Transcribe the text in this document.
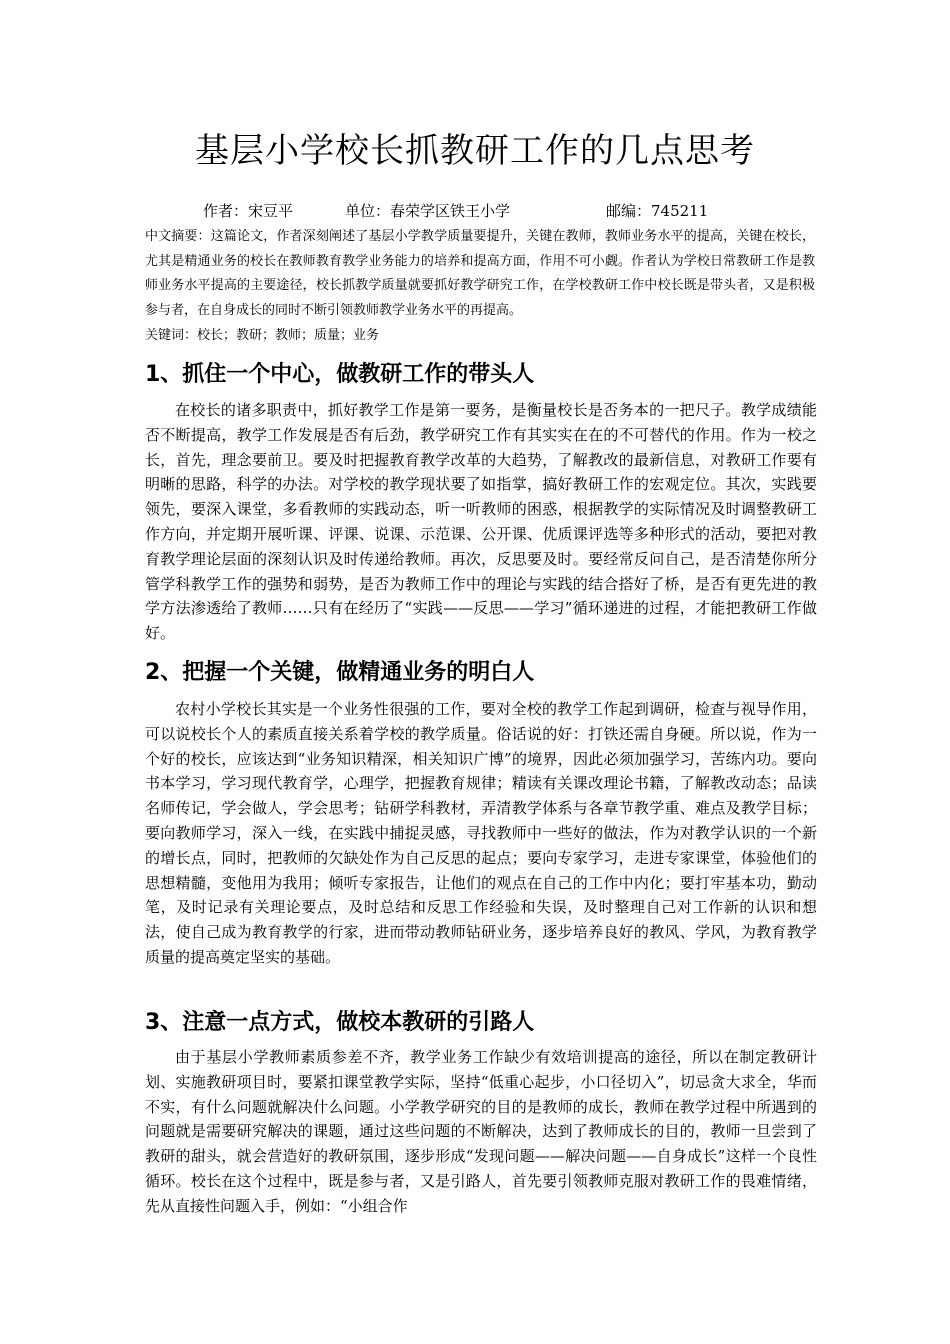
基层小学校长抓教研工作的几点思考
作者：宋豆平	单位：春荣学区铁王小学	邮编：745211
中文摘要：这篇论文，作者深刻阐述了基层小学教学质量要提升，关键在教师，教师业务水平的提高，关键在校长，尤其是精通业务的校长在教师教育教学业务能力的培养和提高方面，作用不可小觑。作者认为学校日常教研工作是教师业务水平提高的主要途径，校长抓教学质量就要抓好教学研究工作，在学校教研工作中校长既是带头者，又是积极参与者，在自身成长的同时不断引领教师教学业务水平的再提高。
关键词：校长；教研；教师；质量；业务
1、抓住一个中心，做教研工作的带头人
在校长的诸多职责中，抓好教学工作是第一要务，是衡量校长是否务本的一把尺子。教学成绩能否不断提高，教学工作发展是否有后劲，教学研究工作有其实实在在的不可替代的作用。作为一校之长，首先，理念要前卫。要及时把握教育教学改革的大趋势，了解教改的最新信息，对教研工作要有明晰的思路，科学的办法。对学校的教学现状要了如指掌，搞好教研工作的宏观定位。其次，实践要领先，要深入课堂，多看教师的实践动态，听一听教师的困惑，根据教学的实际情况及时调整教研工作方向，并定期开展听课、评课、说课、示范课、公开课、优质课评选等多种形式的活动，要把对教育教学理论层面的深刻认识及时传递给教师。再次，反思要及时。要经常反问自己，是否清楚你所分管学科教学工作的强势和弱势，是否为教师工作中的理论与实践的结合搭好了桥，是否有更先进的教学方法渗透给了教师……只有在经历了“实践——反思——学习”循环递进的过程，才能把教研工作做好。
2、把握一个关键，做精通业务的明白人
农村小学校长其实是一个业务性很强的工作，要对全校的教学工作起到调研，检查与视导作用，可以说校长个人的素质直接关系着学校的教学质量。俗话说的好：打铁还需自身硬。所以说，作为一个好的校长，应该达到“业务知识精深，相关知识广博”的境界，因此必须加强学习，苦练内功。要向书本学习，学习现代教育学，心理学，把握教育规律；精读有关课改理论书籍，了解教改动态；品读名师传记，学会做人，学会思考；钻研学科教材，弄清教学体系与各章节教学重、难点及教学目标；要向教师学习，深入一线，在实践中捕捉灵感，寻找教师中一些好的做法，作为对教学认识的一个新的增长点，同时，把教师的欠缺处作为自己反思的起点；要向专家学习，走进专家课堂，体验他们的思想精髓，变他用为我用；倾听专家报告，让他们的观点在自己的工作中内化；要打牢基本功，勤动笔，及时记录有关理论要点，及时总结和反思工作经验和失误，及时整理自己对工作新的认识和想法，使自己成为教育教学的行家，进而带动教师钻研业务，逐步培养良好的教风、学风，为教育教学质量的提高奠定坚实的基础。
3、注意一点方式，做校本教研的引路人
由于基层小学教师素质参差不齐，教学业务工作缺少有效培训提高的途径，所以在制定教研计划、实施教研项目时，要紧扣课堂教学实际，坚持“低重心起步，小口径切入”，切忌贪大求全，华而不实，有什么问题就解决什么问题。小学教学研究的目的是教师的成长，教师在教学过程中所遇到的问题就是需要研究解决的课题，通过这些问题的不断解决，达到了教师成长的目的，教师一旦尝到了教研的甜头，就会营造好的教研氛围，逐步形成“发现问题——解决问题——自身成长”这样一个良性循环。校长在这个过程中，既是参与者，又是引路人，首先要引领教师克服对教研工作的畏难情绪，先从直接性问题入手，例如：“小组合作
